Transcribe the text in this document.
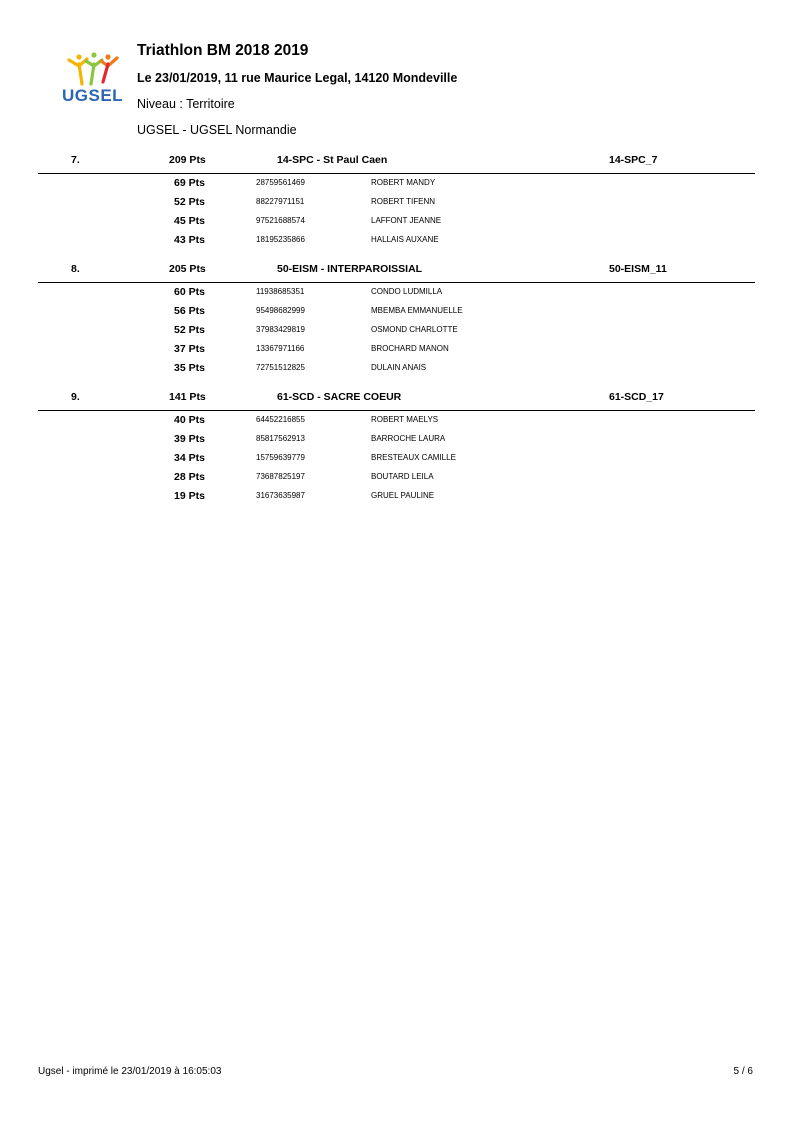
UGSEL
Triathlon BM 2018 2019
Le 23/01/2019, 11 rue Maurice Legal, 14120 Mondeville
Niveau : Territoire
UGSEL - UGSEL Normandie
7.	209 Pts	14-SPC - St Paul Caen	14-SPC_7
69 Pts	28759561469	ROBERT MANDY
52 Pts	88227971151	ROBERT TIFENN
45 Pts	97521688574	LAFFONT JEANNE
43 Pts	18195235866	HALLAIS AUXANE
8.	205 Pts	50-EISM - INTERPAROISSIAL	50-EISM_11
60 Pts	11938685351	CONDO LUDMILLA
56 Pts	95498682999	MBEMBA EMMANUELLE
52 Pts	37983429819	OSMOND CHARLOTTE
37 Pts	13367971166	BROCHARD MANON
35 Pts	72751512825	DULAIN ANAIS
9.	141 Pts	61-SCD - SACRE COEUR	61-SCD_17
40 Pts	64452216855	ROBERT MAELYS
39 Pts	85817562913	BARROCHE LAURA
34 Pts	15759639779	BRESTEAUX CAMILLE
28 Pts	73687825197	BOUTARD LEILA
19 Pts	31673635987	GRUEL PAULINE
Ugsel - imprimé le 23/01/2019 à 16:05:03	5 / 6
